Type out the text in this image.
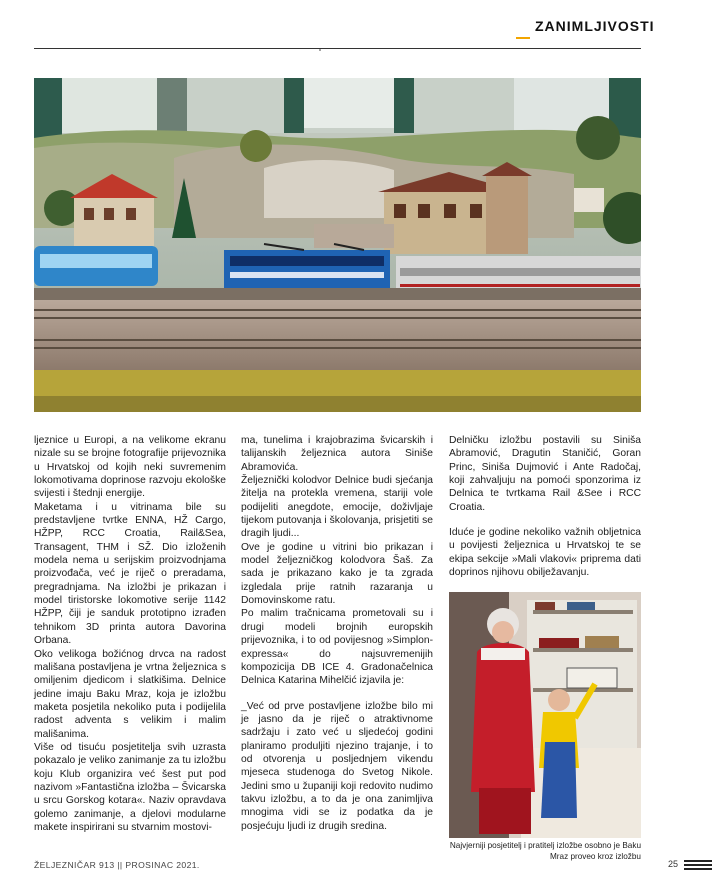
ZANIMLJIVOSTI

ljeznice u Europi, a na velikome ekranu nizale su se brojne fotografije prijevoznika u Hrvatskoj od kojih neki suvremenim lokomotivama doprinose razvoju ekološke svijesti i štednji energije.

Maketama i u vitrinama bile su predstavljene tvrtke ENNA, HŽ Cargo, HŽPP, RCC Croatia, Rail&Sea, Transagent, THM i SŽ. Dio izloženih modela nema u serijskim proizvodnjama proizvođača, već je riječ o preradama, pregradnjama. Na izložbi je prikazan i model tiristorske lokomotive serije 1142 HŽPP, čiji je sanduk prototipno izrađen tehnikom 3D printa autora Davorina Orbana.

Oko velikoga božićnog drvca na radost mališana postavljena je vrtna željeznica s omiljenim djedicom i slatkišima. Delnice jedine imaju Baku Mraz, koja je izložbu maketa posjetila nekoliko puta i podijelila radost adventa s velikim i malim mališanima.

Više od tisuću posjetitelja svih uzrasta pokazalo je veliko zanimanje za tu izložbu koju Klub organizira već šest put pod nazivom »Fantastična izložba – Švicarska u srcu Gorskog kotara«. Naziv opravdava golemo zanimanje, a djelovi modularne makete inspirirani su stvarnim mostovi-

ma, tunelima i krajobrazima švicarskih i talijanskih željeznica autora Siniše Abramovića.

Željeznički kolodvor Delnice budi sjećanja žitelja na protekla vremena, stariji vole podijeliti anegdote, emocije, doživljaje tijekom putovanja i školovanja, prisjetiti se dragih ljudi...

Ove je godine u vitrini bio prikazan i model željezničkog kolodvora Šaš. Za sada je prikazano kako je ta zgrada izgledala prije ratnih razaranja u Domovinskome ratu.

Po malim tračnicama prometovali su i drugi modeli brojnih europskih prijevoznika, i to od povijesnog »Simplon-expressa« do najsuvremenijih kompozicija DB ICE 4. Gradonačelnica Delnica Katarina Mihelčić izjavila je:

_Već od prve postavljene izložbe bilo mi je jasno da je riječ o atraktivnome sadržaju i zato već u sljedećoj godini planiramo produljiti njezino trajanje, i to od otvorenja u posljednjem vikendu mjeseca studenoga do Svetog Nikole. Jedini smo u županiji koji redovito nudimo takvu izložbu, a to da je ona zanimljiva mnogima vidi se iz podatka da je posjećuju ljudi iz drugih sredina.

Delničku izložbu postavili su Siniša Abramović, Dragutin Staničić, Goran Princ, Siniša Dujmović i Ante Radočaj, koji zahvaljuju na pomoći sponzorima iz Delnica te tvrtkama Rail &See i RCC Croatia.

Iduće je godine nekoliko važnih obljetnica u povijesti željeznica u Hrvatskoj te se ekipa sekcije »Mali vlakovi« priprema dati doprinos njihovu obilježavanju.

Najvjerniji posjetitelj i pratitelj izložbe osobno je Baku Mraz proveo kroz izložbu
ŽELJEZNIČAR 913 || PROSINAC 2021.	25
